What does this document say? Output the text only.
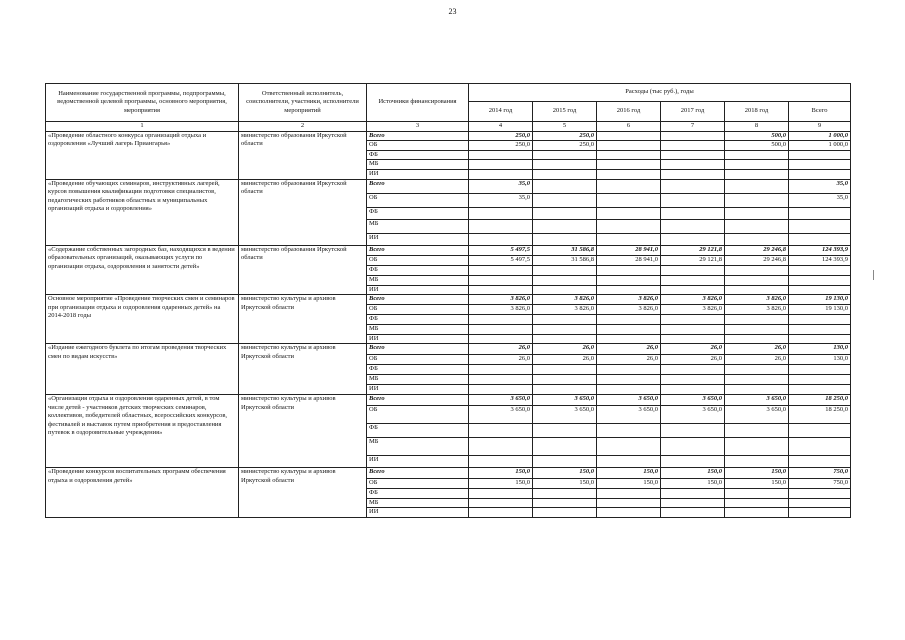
23
Наименование государственной программы, подпрограммы, ведомственной целевой программы, основного мероприятия, мероприятия	Ответственный исполнитель, соисполнители, участники, исполнители мероприятий	Источники финансирования	Расходы (тыс руб.), годы					
			2014 год	2015 год	2016 год	2017 год	2018 год	Всего
1	2	3	4	5	6	7	8	9
«Проведение областного конкурса организаций отдыха и оздоровления «Лучший лагерь Приангарья»	министерство образования Иркутской области	Всего	250,0	250,0			500,0	1 000,0
		ОБ	250,0	250,0			500,0	1 000,0
		ФБ						
		МБ						
		ИИ						
«Проведение обучающих семинаров, инструктивных лагерей, курсов повышения квалификации подготовки специалистов, педагогических работников областных и муниципальных организаций отдыха и оздоровления»	министерство образования Иркутской области	Всего	35,0					35,0
		ОБ	35,0					35,0
		ФБ						
		МБ						
		ИИ						
«Содержание собственных загородных баз, находящихся в ведении образовательных организаций, оказывающих услуги по организации отдыха, оздоровления и занятости детей»	министерство образования Иркутской области	Всего	5 497,5	31 586,8	28 941,0	29 121,8	29 246,8	124 393,9
		ОБ	5 497,5	31 586,8	28 941,0	29 121,8	29 246,8	124 393,9
		ФБ						
		МБ						
		ИИ						
Основное мероприятие «Проведение творческих смен и семинаров при организации отдыха и оздоровления одаренных детей» на 2014-2018 годы	министерство культуры и архивов Иркутской области	Всего	3 826,0	3 826,0	3 826,0	3 826,0	3 826,0	19 130,0
		ОБ	3 826,0	3 826,0	3 826,0	3 826,0	3 826,0	19 130,0
		ФБ						
		МБ						
		ИИ						
«Издание ежегодного буклета по итогам проведения творческих смен по видам искусств»	министерство культуры и архивов Иркутской области	Всего	26,0	26,0	26,0	26,0	26,0	130,0
		ОБ	26,0	26,0	26,0	26,0	26,0	130,0
		ФБ						
		МБ						
		ИИ						
«Организация отдыха и оздоровления одаренных детей, в том числе детей - участников детских творческих семинаров, коллективов, победителей областных, всероссийских конкурсов, фестивалей и выставок путем приобретения и предоставления путевок в оздоровительные учреждения»	министерство культуры и архивов Иркутской области	Всего	3 650,0	3 650,0	3 650,0	3 650,0	3 650,0	18 250,0
		ОБ	3 650,0	3 650,0	3 650,0	3 650,0	3 650,0	18 250,0
		ФБ						
		МБ						
		ИИ						
«Проведение конкурсов воспитательных программ обеспечения отдыха и оздоровления детей»	министерство культуры и архивов Иркутской области	Всего	150,0	150,0	150,0	150,0	150,0	750,0
		ОБ	150,0	150,0	150,0	150,0	150,0	750,0
		ФБ						
		МБ						
		ИИ						
